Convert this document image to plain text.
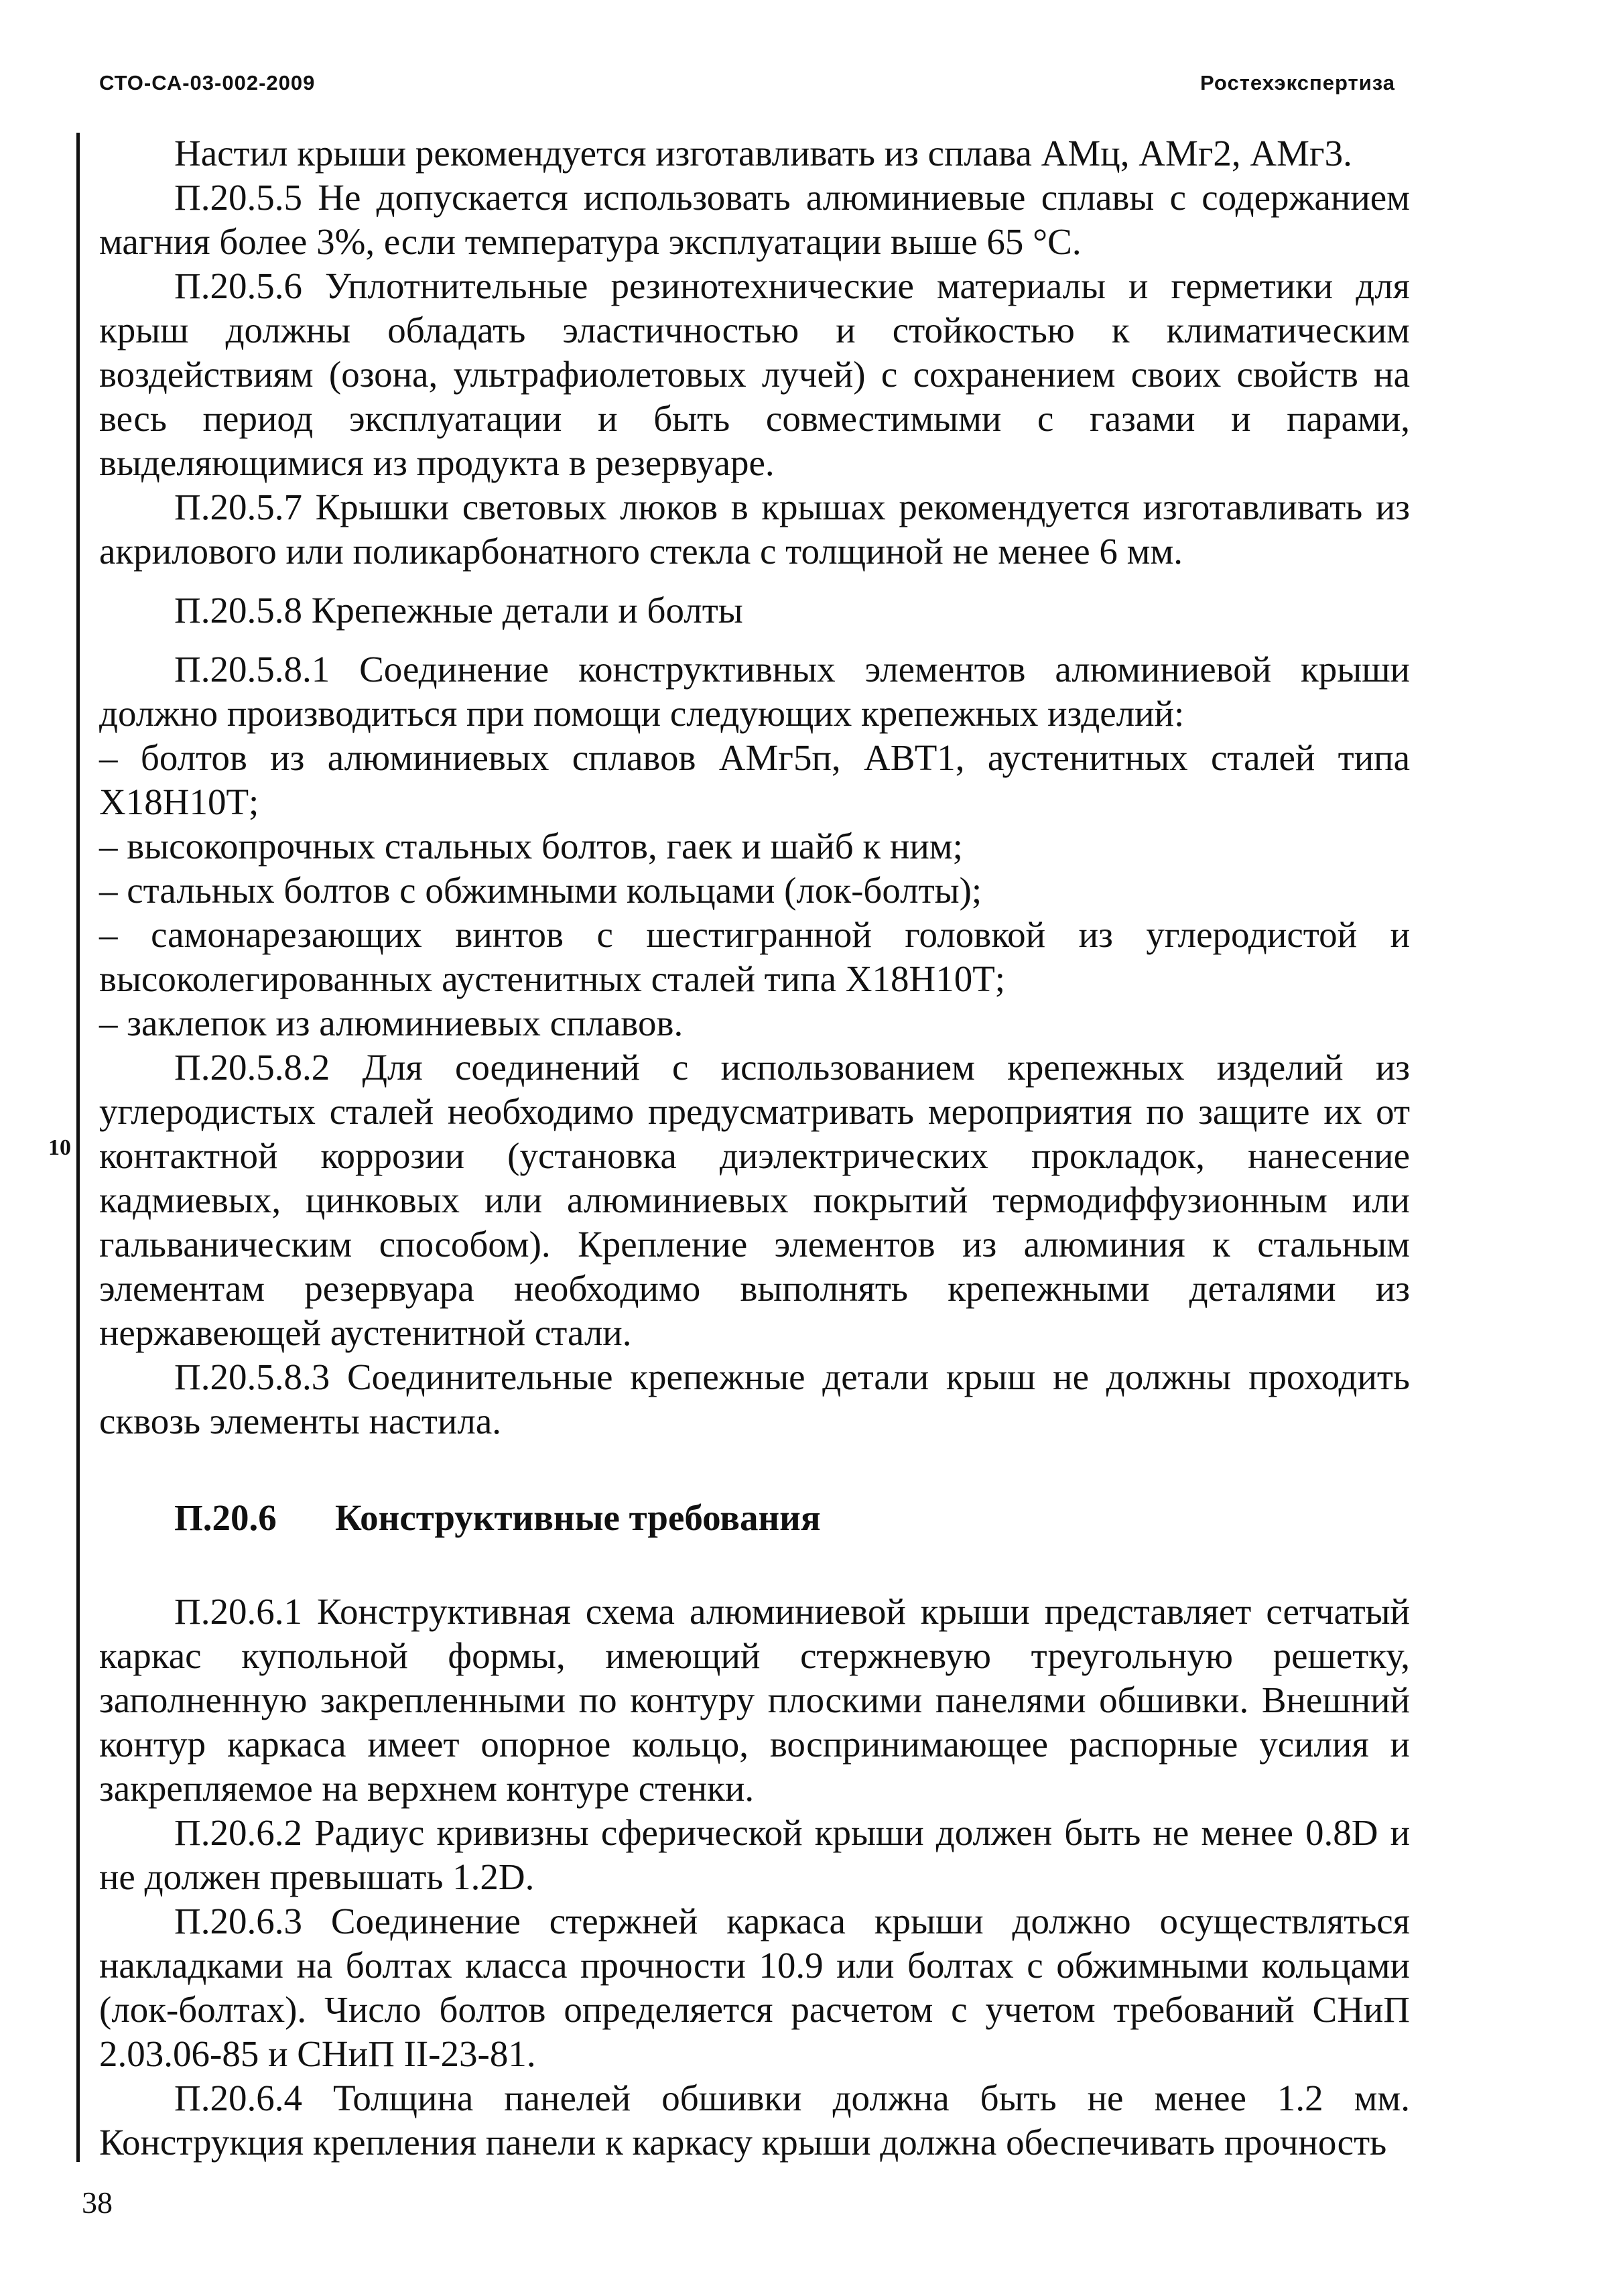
СТО-СА-03-002-2009	Ростехэкспертиза
10

Настил крыши рекомендуется изготавливать из сплава АМц, АМг2, АМг3.

П.20.5.5 Не допускается использовать алюминиевые сплавы с содержанием магния более 3%, если температура эксплуатации выше 65 °С.

П.20.5.6 Уплотнительные резинотехнические материалы и герметики для крыш должны обладать эластичностью и стойкостью к климатическим воздействиям (озона, ультрафиолетовых лучей) с сохранением своих свойств на весь период эксплуатации и быть совместимыми с газами и парами, выделяющимися из продукта в резервуаре.

П.20.5.7 Крышки световых люков в крышах рекомендуется изготавливать из акрилового или поликарбонатного стекла с толщиной не менее 6 мм.

П.20.5.8 Крепежные детали и болты

П.20.5.8.1 Соединение конструктивных элементов алюминиевой крыши должно производиться при помощи следующих крепежных изделий:

– болтов из алюминиевых сплавов АМг5п, АВТ1, аустенитных сталей типа Х18Н10Т;

– высокопрочных стальных болтов, гаек и шайб к ним;

– стальных болтов с обжимными кольцами (лок-болты);

– самонарезающих винтов с шестигранной головкой из углеродистой и высоколегированных аустенитных сталей типа Х18Н10Т;

– заклепок из алюминиевых сплавов.

П.20.5.8.2 Для соединений с использованием крепежных изделий из углеродистых сталей необходимо предусматривать мероприятия по защите их от контактной коррозии (установка диэлектрических прокладок, нанесение кадмиевых, цинковых или алюминиевых покрытий термодиффузионным или гальваническим способом). Крепление элементов из алюминия к стальным элементам резервуара необходимо выполнять крепежными деталями из нержавеющей аустенитной стали.

П.20.5.8.3 Соединительные крепежные детали крыш не должны проходить сквозь элементы настила.

П.20.6 Конструктивные требования

П.20.6.1 Конструктивная схема алюминиевой крыши представляет сетчатый каркас купольной формы, имеющий стержневую треугольную решетку, заполненную закрепленными по контуру плоскими панелями обшивки. Внешний контур каркаса имеет опорное кольцо, воспринимающее распорные усилия и закрепляемое на верхнем контуре стенки.

П.20.6.2 Радиус кривизны сферической крыши должен быть не менее 0.8D и не должен превышать 1.2D.

П.20.6.3 Соединение стержней каркаса крыши должно осуществляться накладками на болтах класса прочности 10.9 или болтах с обжимными кольцами (лок-болтах). Число болтов определяется расчетом с учетом требований СНиП 2.03.06-85 и СНиП II-23-81.

П.20.6.4 Толщина панелей обшивки должна быть не менее 1.2 мм. Конструкция крепления панели к каркасу крыши должна обеспечивать прочность

38
